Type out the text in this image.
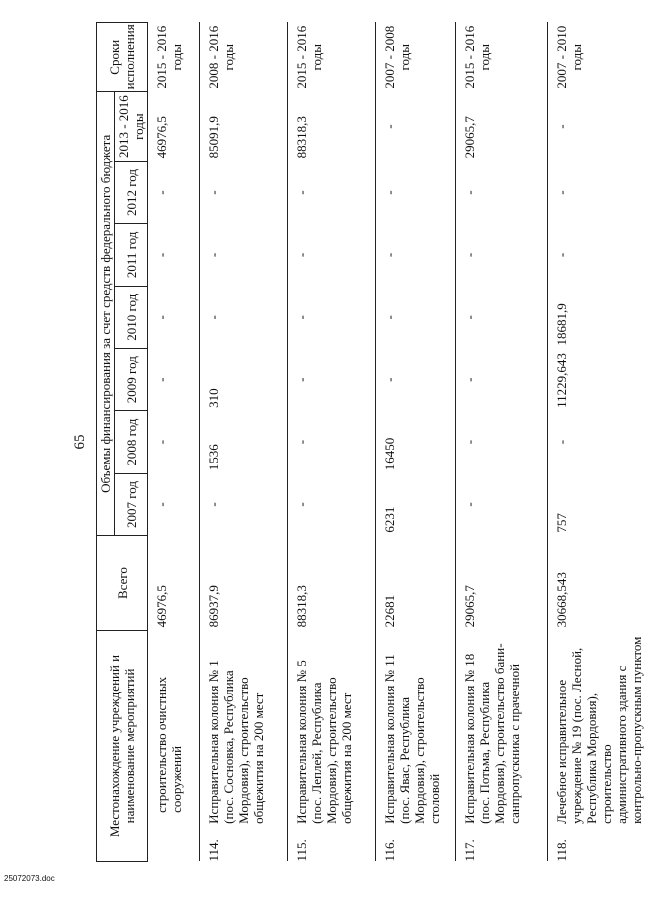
65
Местонахождение учреждений и наименование мероприятий		Всего	Объемы финансирования за счет средств федерального бюджета							Сроки исполнения
			2007 год	2008 год	2009 год	2010 год	2011 год	2012 год	2013 - 2016 годы	
	строительство очистных сооружений	46976,5	-	-	-	-	-	-	46976,5	2015 - 2016 годы
114.	Исправительная колония № 1 (пос. Сосновка, Республика Мордовия), строительство общежития на 200 мест	86937,9	-	1536	310	-	-	-	85091,9	2008 - 2016 годы
115.	Исправительная колония № 5 (пос. Леплей, Республика Мордовия), строительство общежития на 200 мест	88318,3	-	-	-	-	-	-	88318,3	2015 - 2016 годы
116.	Исправительная колония № 11 (пос. Явас, Республика Мордовия), строительство столовой	22681	6231	16450	-	-	-	-	-	2007 - 2008 годы
117.	Исправительная колония № 18 (пос. Потьма, Республика Мордовия), строительство бани-санпропускника с прачечной	29065,7	-	-	-	-	-	-	29065,7	2015 - 2016 годы
118.	Лечебное исправительное учреждение № 19 (пос. Лесной, Республика Мордовия), строительство административного здания с контрольно-пропускным пунктом	30668,543	757	-	11229,643	18681,9	-	-	-	2007 - 2010 годы
25072073.doc
